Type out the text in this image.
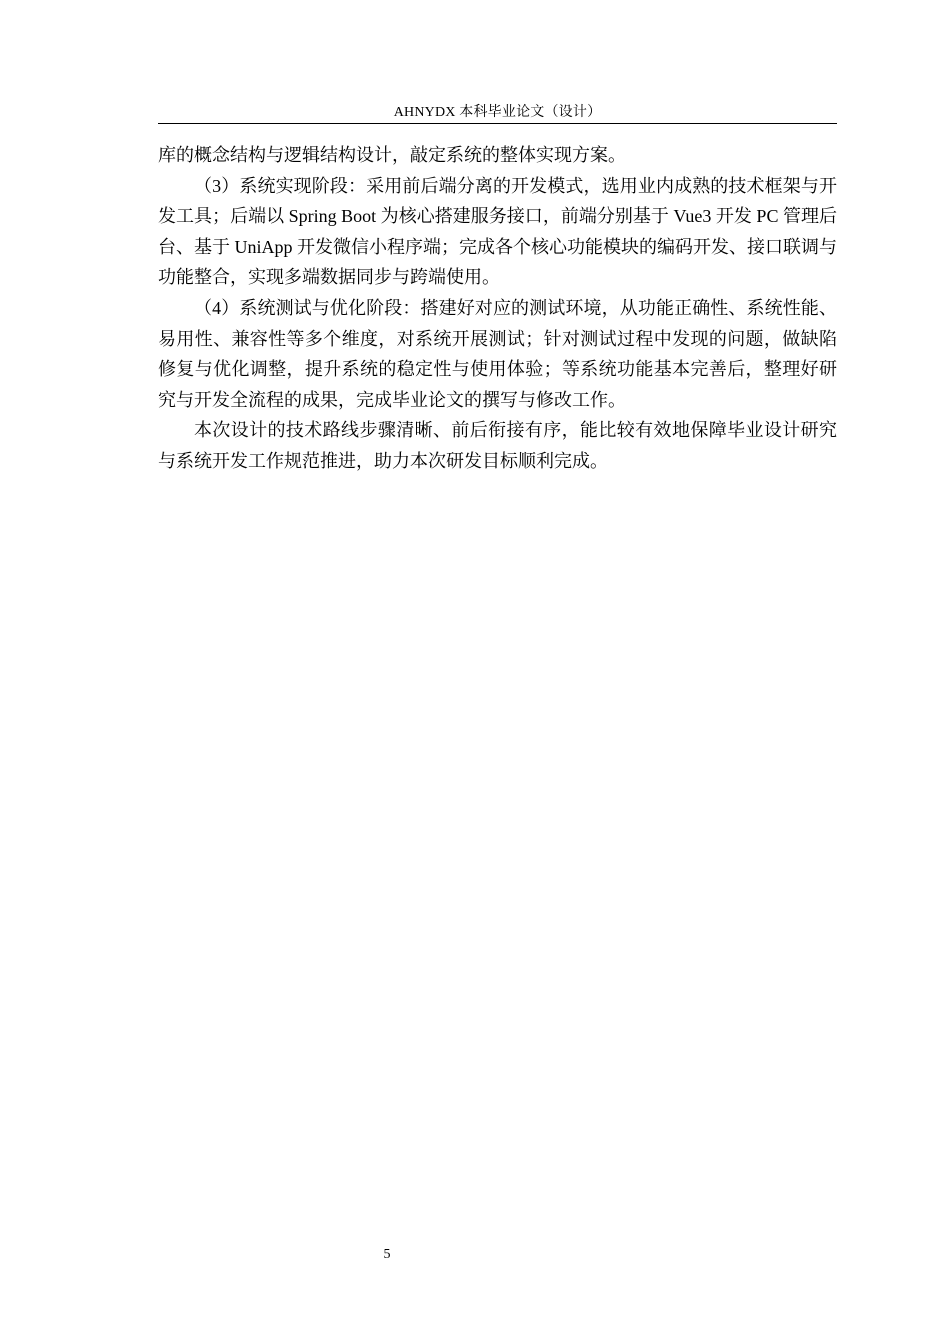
AHNYDX 本科毕业论文（设计）

库的概念结构与逻辑结构设计，敲定系统的整体实现方案。

（3）系统实现阶段：采用前后端分离的开发模式，选用业内成熟的技术框架与开发工具；后端以 Spring Boot 为核心搭建服务接口，前端分别基于 Vue3 开发 PC 管理后台、基于 UniApp 开发微信小程序端；完成各个核心功能模块的编码开发、接口联调与功能整合，实现多端数据同步与跨端使用。

（4）系统测试与优化阶段：搭建好对应的测试环境，从功能正确性、系统性能、易用性、兼容性等多个维度，对系统开展测试；针对测试过程中发现的问题，做缺陷修复与优化调整，提升系统的稳定性与使用体验；等系统功能基本完善后，整理好研究与开发全流程的成果，完成毕业论文的撰写与修改工作。

本次设计的技术路线步骤清晰、前后衔接有序，能比较有效地保障毕业设计研究与系统开发工作规范推进，助力本次研发目标顺利完成。

5
